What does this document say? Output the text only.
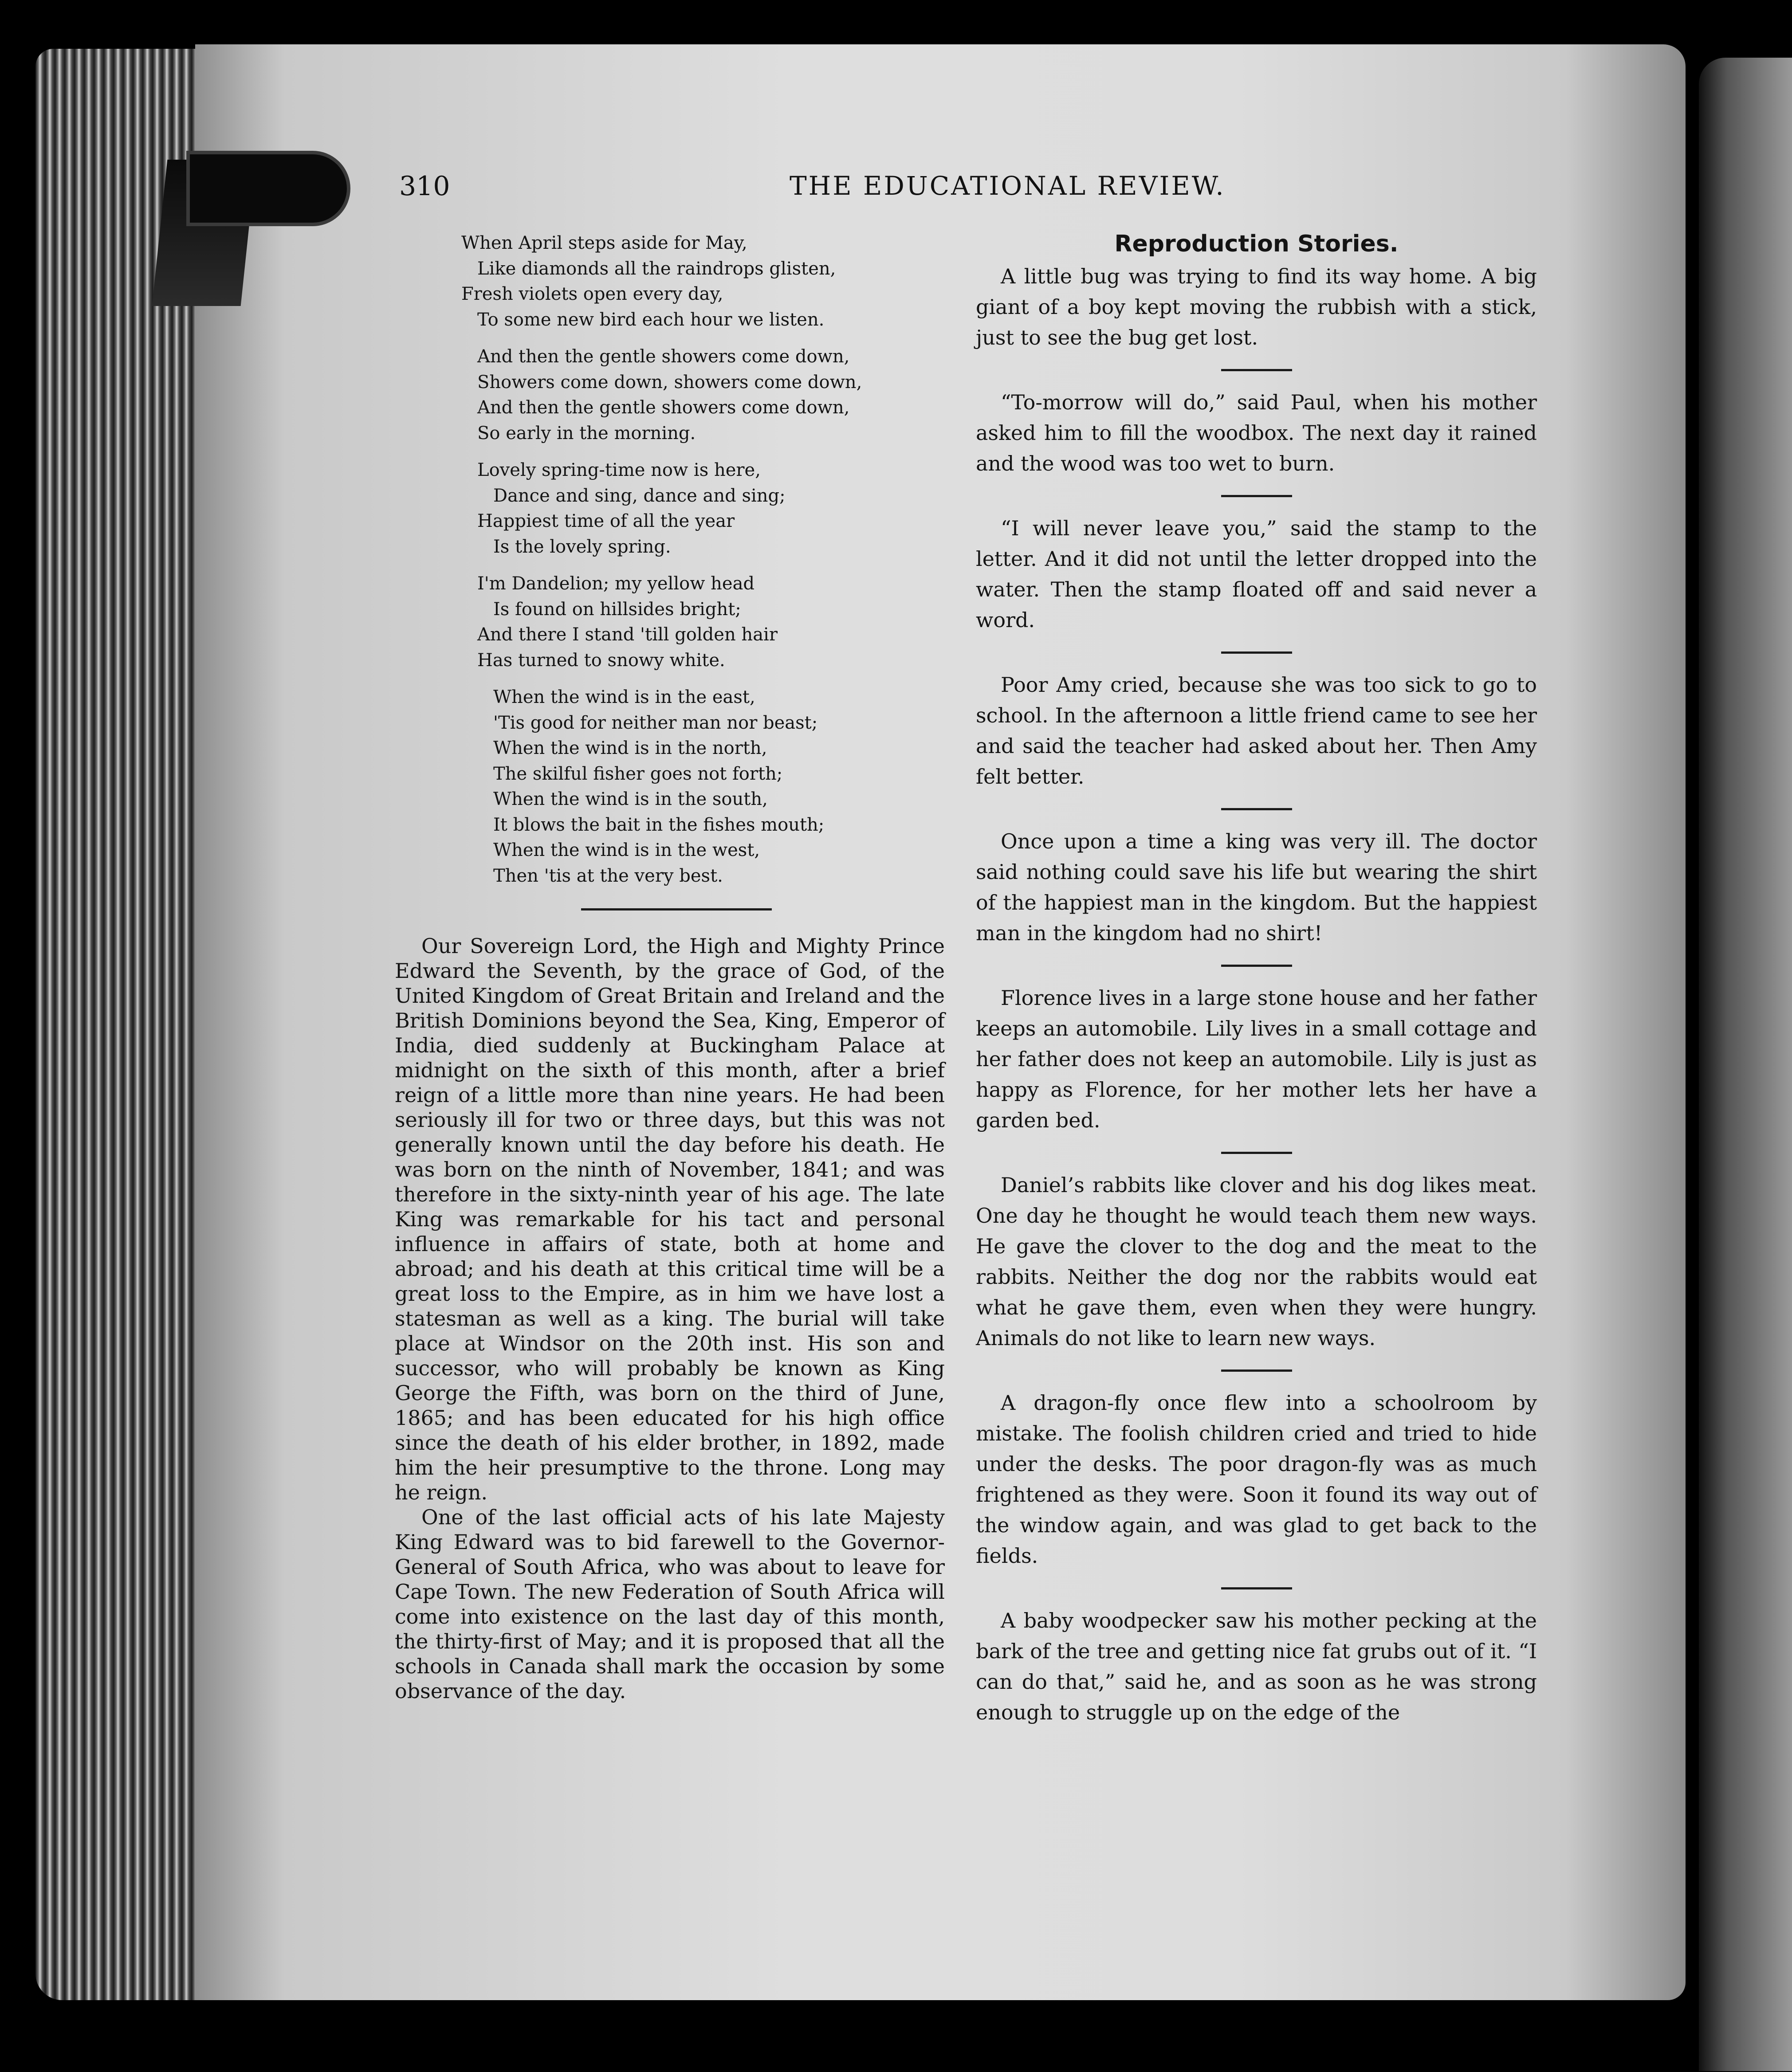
310	THE EDUCATIONAL REVIEW.
When April steps aside for May,
Like diamonds all the raindrops glisten,
Fresh violets open every day,
To some new bird each hour we listen.
And then the gentle showers come down,
Showers come down, showers come down,
And then the gentle showers come down,
So early in the morning.
Lovely spring-time now is here,
Dance and sing, dance and sing;
Happiest time of all the year
Is the lovely spring.
I'm Dandelion; my yellow head
Is found on hillsides bright;
And there I stand 'till golden hair
Has turned to snowy white.
When the wind is in the east,
'Tis good for neither man nor beast;
When the wind is in the north,
The skilful fisher goes not forth;
When the wind is in the south,
It blows the bait in the fishes mouth;
When the wind is in the west,
Then 'tis at the very best.

Our Sovereign Lord, the High and Mighty Prince Edward the Seventh, by the grace of God, of the United Kingdom of Great Britain and Ireland and the British Dominions beyond the Sea, King, Emperor of India, died suddenly at Buckingham Palace at midnight on the sixth of this month, after a brief reign of a little more than nine years. He had been seriously ill for two or three days, but this was not generally known until the day before his death. He was born on the ninth of November, 1841; and was therefore in the sixty-ninth year of his age. The late King was remarkable for his tact and personal influence in affairs of state, both at home and abroad; and his death at this critical time will be a great loss to the Empire, as in him we have lost a statesman as well as a king. The burial will take place at Windsor on the 20th inst. His son and successor, who will probably be known as King George the Fifth, was born on the third of June, 1865; and has been educated for his high office since the death of his elder brother, in 1892, made him the heir presumptive to the throne. Long may he reign.

One of the last official acts of his late Majesty King Edward was to bid farewell to the Governor-General of South Africa, who was about to leave for Cape Town. The new Federation of South Africa will come into existence on the last day of this month, the thirty-first of May; and it is proposed that all the schools in Canada shall mark the occasion by some observance of the day.

Reproduction Stories.

A little bug was trying to find its way home. A big giant of a boy kept moving the rubbish with a stick, just to see the bug get lost.

“To-morrow will do,” said Paul, when his mother asked him to fill the woodbox. The next day it rained and the wood was too wet to burn.

“I will never leave you,” said the stamp to the letter. And it did not until the letter dropped into the water. Then the stamp floated off and said never a word.

Poor Amy cried, because she was too sick to go to school. In the afternoon a little friend came to see her and said the teacher had asked about her. Then Amy felt better.

Once upon a time a king was very ill. The doctor said nothing could save his life but wearing the shirt of the happiest man in the kingdom. But the happiest man in the kingdom had no shirt!

Florence lives in a large stone house and her father keeps an automobile. Lily lives in a small cottage and her father does not keep an automobile. Lily is just as happy as Florence, for her mother lets her have a garden bed.

Daniel’s rabbits like clover and his dog likes meat. One day he thought he would teach them new ways. He gave the clover to the dog and the meat to the rabbits. Neither the dog nor the rabbits would eat what he gave them, even when they were hungry. Animals do not like to learn new ways.

A dragon-fly once flew into a schoolroom by mistake. The foolish children cried and tried to hide under the desks. The poor dragon-fly was as much frightened as they were. Soon it found its way out of the window again, and was glad to get back to the fields.

A baby woodpecker saw his mother pecking at the bark of the tree and getting nice fat grubs out of it. “I can do that,” said he, and as soon as he was strong enough to struggle up on the edge of the
